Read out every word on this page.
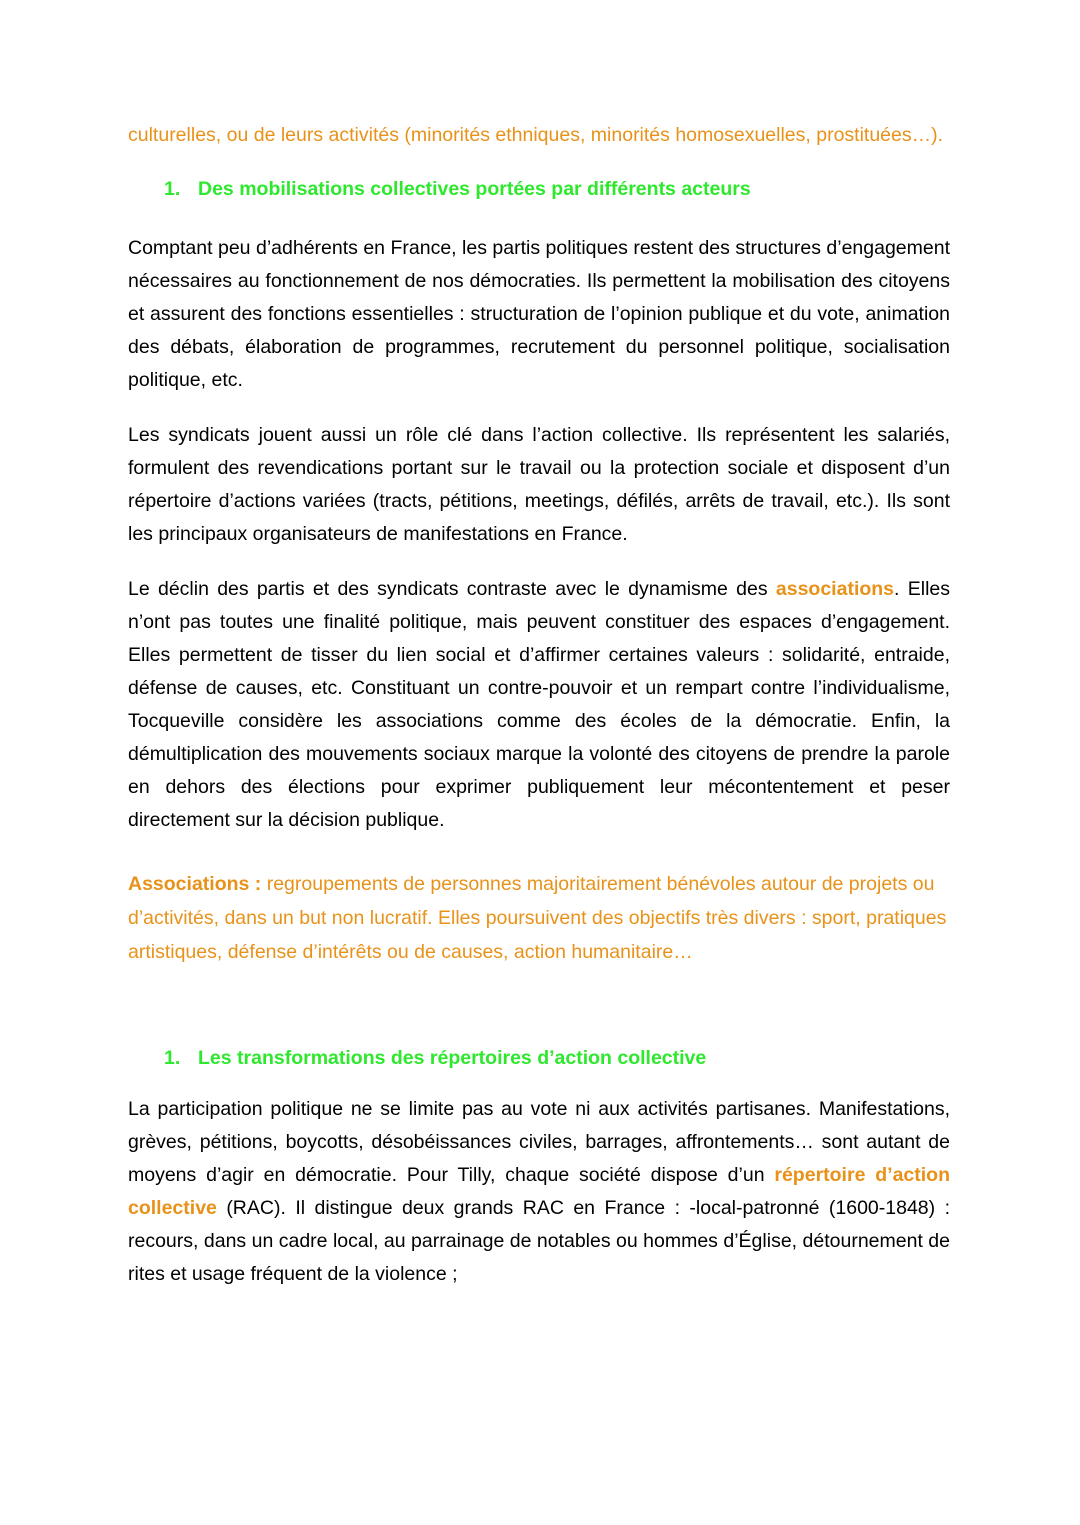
culturelles, ou de leurs activités (minorités ethniques, minorités homosexuelles, prostituées…).

1. Des mobilisations collectives portées par différents acteurs

Comptant peu d’adhérents en France, les partis politiques restent des structures d’engagement nécessaires au fonctionnement de nos démocraties. Ils permettent la mobilisation des citoyens et assurent des fonctions essentielles : structuration de l’opinion publique et du vote, animation des débats, élaboration de programmes, recrutement du personnel politique, socialisation politique, etc.

Les syndicats jouent aussi un rôle clé dans l’action collective. Ils représentent les salariés, formulent des revendications portant sur le travail ou la protection sociale et disposent d’un répertoire d’actions variées (tracts, pétitions, meetings, défilés, arrêts de travail, etc.). Ils sont les principaux organisateurs de manifestations en France.

Le déclin des partis et des syndicats contraste avec le dynamisme des associations. Elles n’ont pas toutes une finalité politique, mais peuvent constituer des espaces d’engagement. Elles permettent de tisser du lien social et d’affirmer certaines valeurs : solidarité, entraide, défense de causes, etc. Constituant un contre-pouvoir et un rempart contre l’individualisme, Tocqueville considère les associations comme des écoles de la démocratie. Enfin, la démultiplication des mouvements sociaux marque la volonté des citoyens de prendre la parole en dehors des élections pour exprimer publiquement leur mécontentement et peser directement sur la décision publique.

Associations : regroupements de personnes majoritairement bénévoles autour de projets ou d’activités, dans un but non lucratif. Elles poursuivent des objectifs très divers : sport, pratiques artistiques, défense d’intérêts ou de causes, action humanitaire…

1. Les transformations des répertoires d’action collective

La participation politique ne se limite pas au vote ni aux activités partisanes. Manifestations, grèves, pétitions, boycotts, désobéissances civiles, barrages, affrontements… sont autant de moyens d’agir en démocratie. Pour Tilly, chaque société dispose d’un répertoire d’action collective (RAC). Il distingue deux grands RAC en France : -local-patronné (1600-1848) : recours, dans un cadre local, au parrainage de notables ou hommes d’Église, détournement de rites et usage fréquent de la violence ;
